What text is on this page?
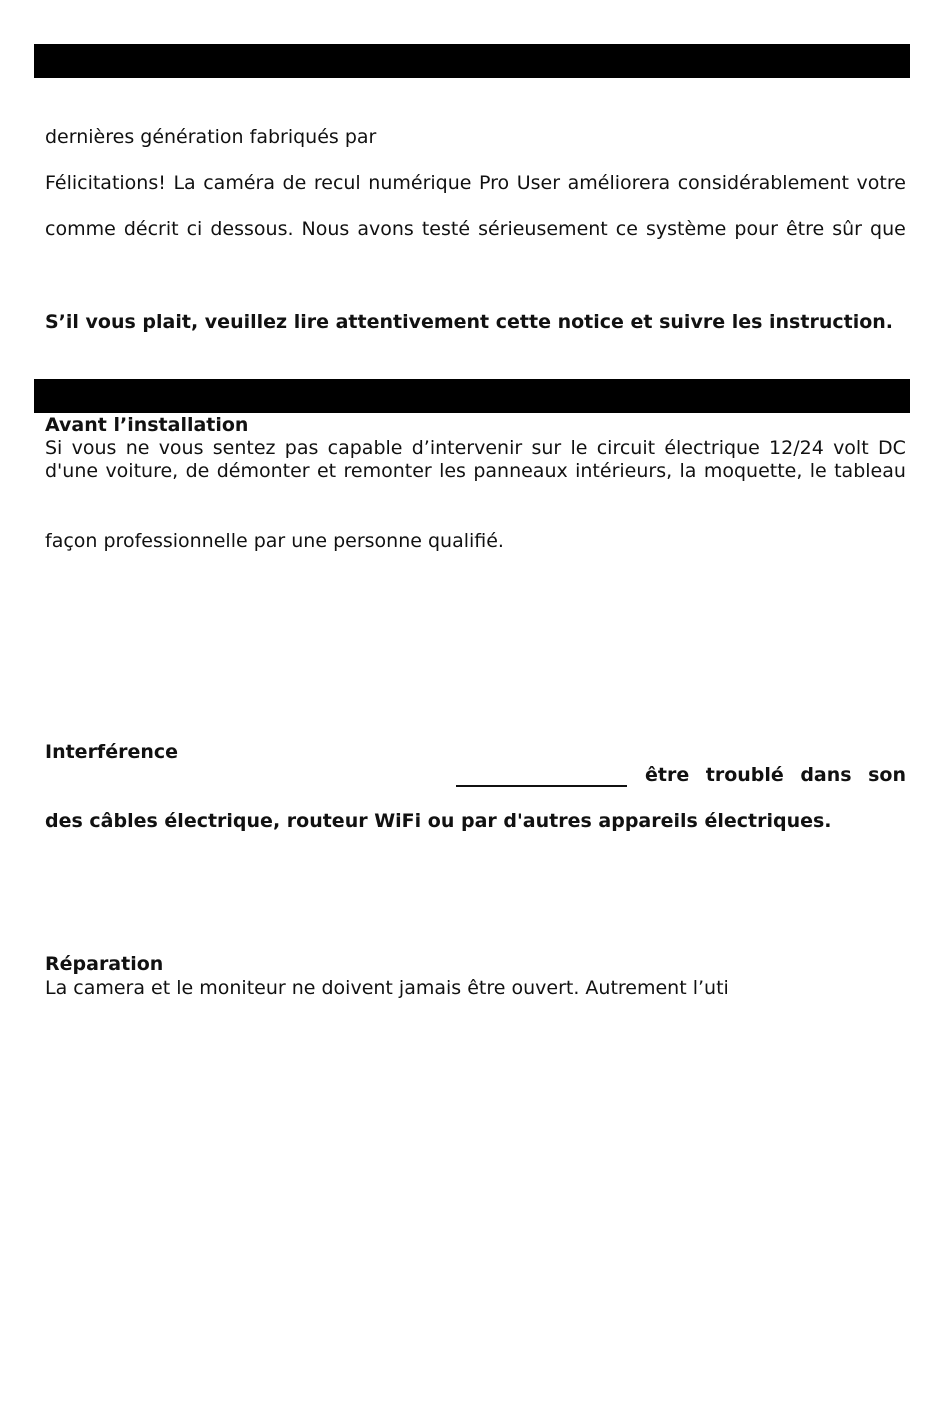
dernières génération fabriqués par
Félicitations! La caméra de recul numérique Pro User améliorera considérablement votre
comme décrit ci dessous. Nous avons testé sérieusement ce système pour être sûr que
S’il vous plait, veuillez lire attentivement cette notice et suivre les instruction.
Avant l’installation
Si vous ne vous sentez pas capable d’intervenir sur le circuit électrique 12/24 volt DC
d'une voiture, de démonter et remonter les panneaux intérieurs, la moquette, le tableau
façon professionnelle par une personne qualifié.
Interférence
être troublé dans son
des câbles électrique, routeur WiFi ou par d'autres appareils électriques.
Réparation
La camera et le moniteur ne doivent jamais être ouvert. Autrement l’uti
